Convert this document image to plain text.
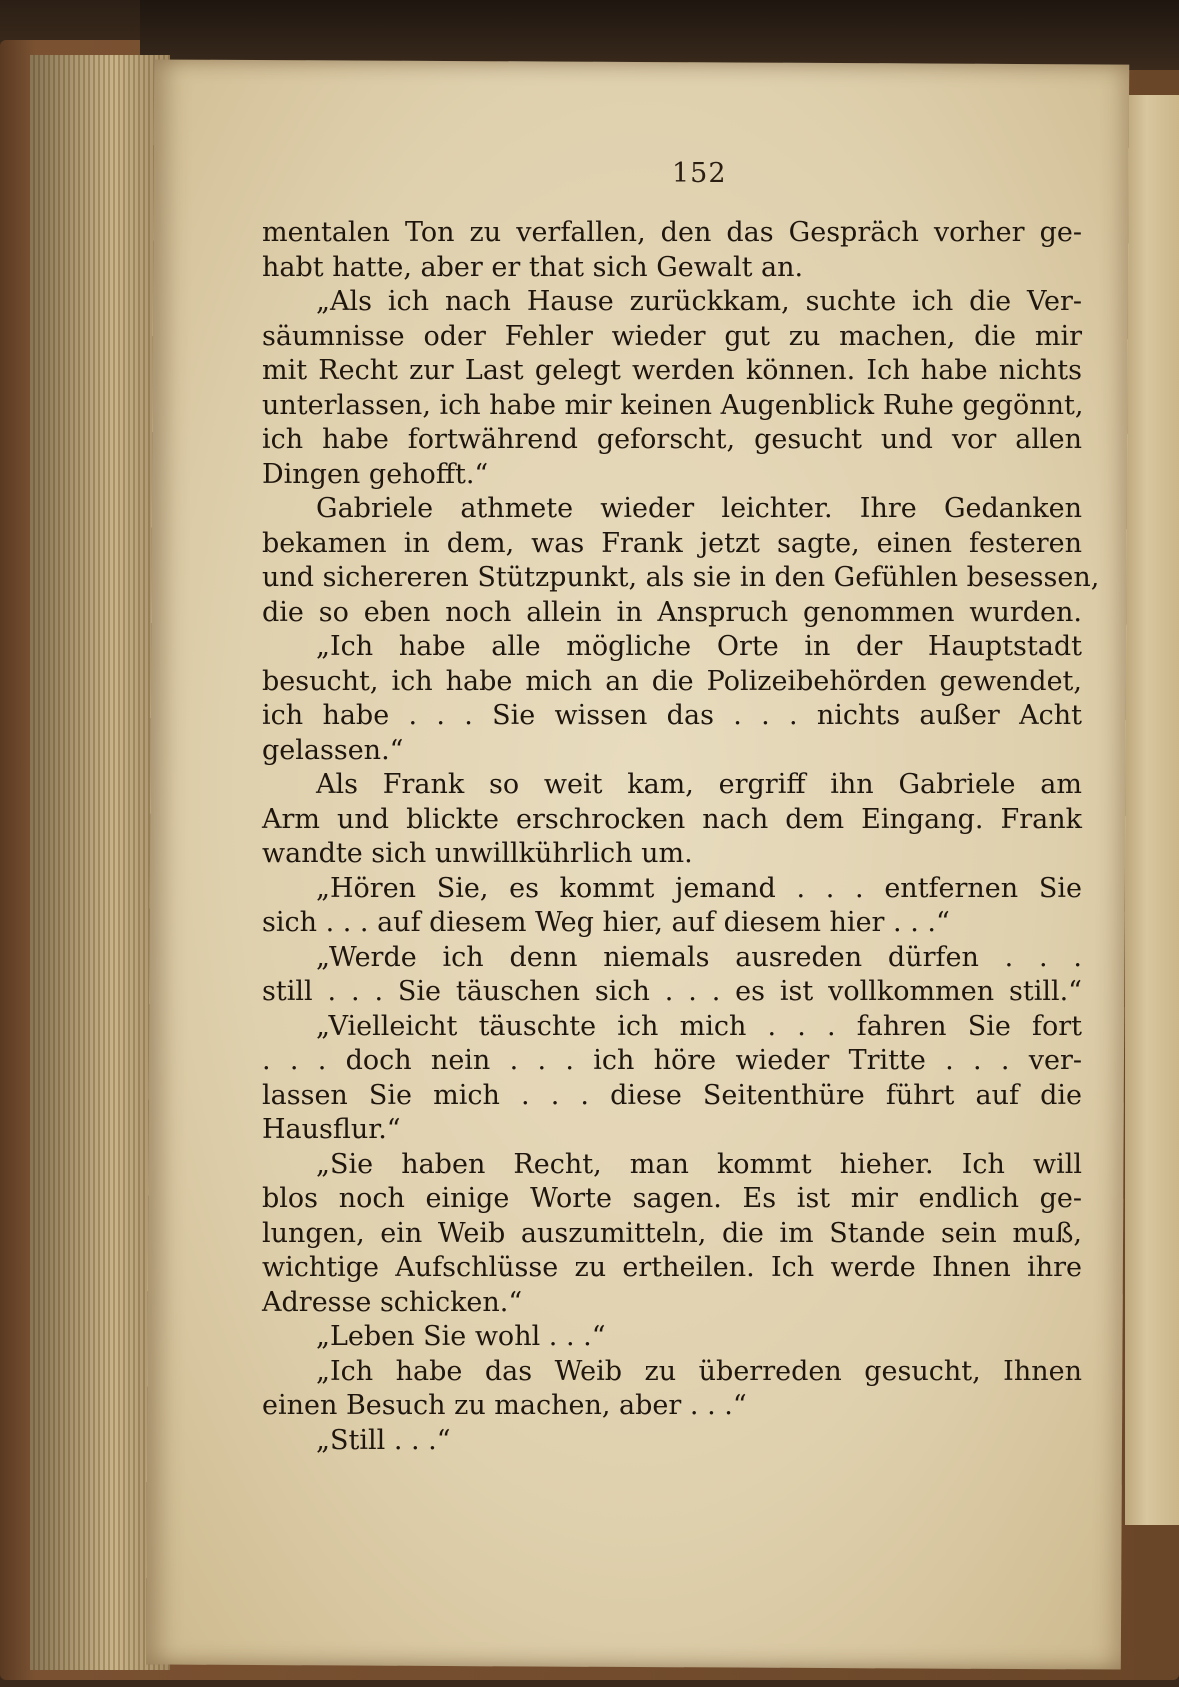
152
mentalen Ton zu verfallen, den das Gespräch vorher ge-
habt hatte, aber er that sich Gewalt an.
„Als ich nach Hause zurückkam, suchte ich die Ver-
säumnisse oder Fehler wieder gut zu machen, die mir
mit Recht zur Last gelegt werden können. Ich habe nichts
unterlassen, ich habe mir keinen Augenblick Ruhe gegönnt,
ich habe fortwährend geforscht, gesucht und vor allen
Dingen gehofft.“
Gabriele athmete wieder leichter. Ihre Gedanken
bekamen in dem, was Frank jetzt sagte, einen festeren
und sichereren Stützpunkt, als sie in den Gefühlen besessen,
die so eben noch allein in Anspruch genommen wurden.
„Ich habe alle mögliche Orte in der Hauptstadt
besucht, ich habe mich an die Polizeibehörden gewendet,
ich habe . . . Sie wissen das . . . nichts außer Acht
gelassen.“
Als Frank so weit kam, ergriff ihn Gabriele am
Arm und blickte erschrocken nach dem Eingang. Frank
wandte sich unwillkührlich um.
„Hören Sie, es kommt jemand . . . entfernen Sie
sich . . . auf diesem Weg hier, auf diesem hier . . .“
„Werde ich denn niemals ausreden dürfen . . .
still . . . Sie täuschen sich . . . es ist vollkommen still.“
„Vielleicht täuschte ich mich . . . fahren Sie fort
. . . doch nein . . . ich höre wieder Tritte . . . ver-
lassen Sie mich . . . diese Seitenthüre führt auf die
Hausflur.“
„Sie haben Recht, man kommt hieher. Ich will
blos noch einige Worte sagen. Es ist mir endlich ge-
lungen, ein Weib auszumitteln, die im Stande sein muß,
wichtige Aufschlüsse zu ertheilen. Ich werde Ihnen ihre
Adresse schicken.“
„Leben Sie wohl . . .“
„Ich habe das Weib zu überreden gesucht, Ihnen
einen Besuch zu machen, aber . . .“
„Still . . .“
